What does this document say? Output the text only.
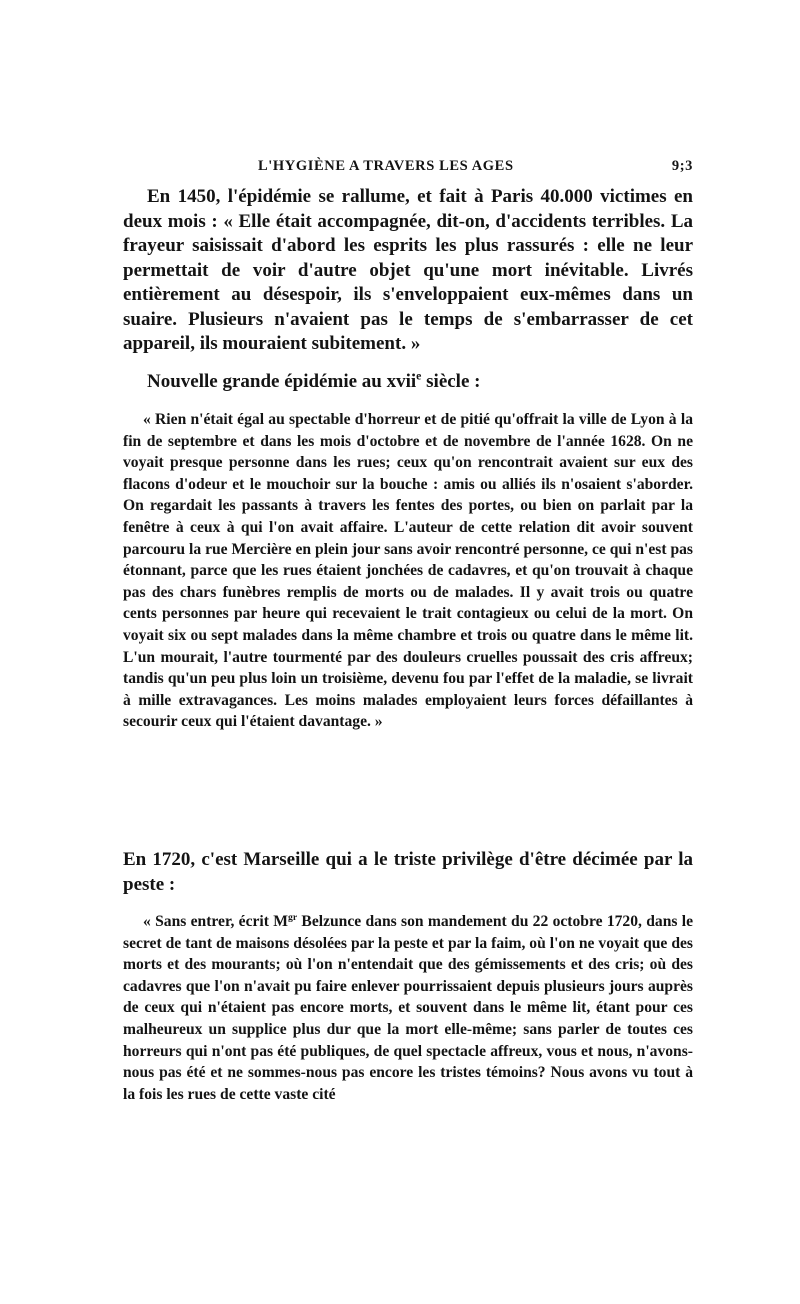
L'HYGIÈNE A TRAVERS LES AGES	9;3

En 1450, l'épidémie se rallume, et fait à Paris 40.000 victimes en deux mois : « Elle était accompagnée, dit-on, d'accidents terribles. La frayeur saisissait d'abord les esprits les plus rassurés : elle ne leur permettait de voir d'autre objet qu'une mort inévitable. Livrés entièrement au désespoir, ils s'enveloppaient eux-mêmes dans un suaire. Plusieurs n'avaient pas le temps de s'embarrasser de cet appareil, ils mouraient subitement. »

Nouvelle grande épidémie au xvii$^e$ siècle :

« Rien n'était égal au spectable d'horreur et de pitié qu'offrait la ville de Lyon à la fin de septembre et dans les mois d'octobre et de novembre de l'année 1628. On ne voyait presque personne dans les rues; ceux qu'on rencontrait avaient sur eux des flacons d'odeur et le mouchoir sur la bouche : amis ou alliés ils n'osaient s'aborder. On regardait les passants à travers les fentes des portes, ou bien on parlait par la fenêtre à ceux à qui l'on avait affaire. L'auteur de cette relation dit avoir souvent parcouru la rue Mercière en plein jour sans avoir rencontré personne, ce qui n'est pas étonnant, parce que les rues étaient jonchées de cadavres, et qu'on trouvait à chaque pas des chars funèbres remplis de morts ou de malades. Il y avait trois ou quatre cents personnes par heure qui recevaient le trait contagieux ou celui de la mort. On voyait six ou sept malades dans la même chambre et trois ou quatre dans le même lit. L'un mourait, l'autre tourmenté par des douleurs cruelles poussait des cris affreux; tandis qu'un peu plus loin un troisième, devenu fou par l'effet de la maladie, se livrait à mille extravagances. Les moins malades employaient leurs forces défaillantes à secourir ceux qui l'étaient davantage. »

En 1720, c'est Marseille qui a le triste privilège d'être décimée par la peste :

« Sans entrer, écrit $M^{gr}$ Belzunce dans son mandement du 22 octobre 1720, dans le secret de tant de maisons désolées par la peste et par la faim, où l'on ne voyait que des morts et des mourants; où l'on n'entendait que des gémissements et des cris; où des cadavres que l'on n'avait pu faire enlever pourrissaient depuis plusieurs jours auprès de ceux qui n'étaient pas encore morts, et souvent dans le même lit, étant pour ces malheureux un supplice plus dur que la mort elle-même; sans parler de toutes ces horreurs qui n'ont pas été publiques, de quel spectacle affreux, vous et nous, n'avons-nous pas été et ne sommes-nous pas encore les tristes témoins? Nous avons vu tout à la fois les rues de cette vaste cité
